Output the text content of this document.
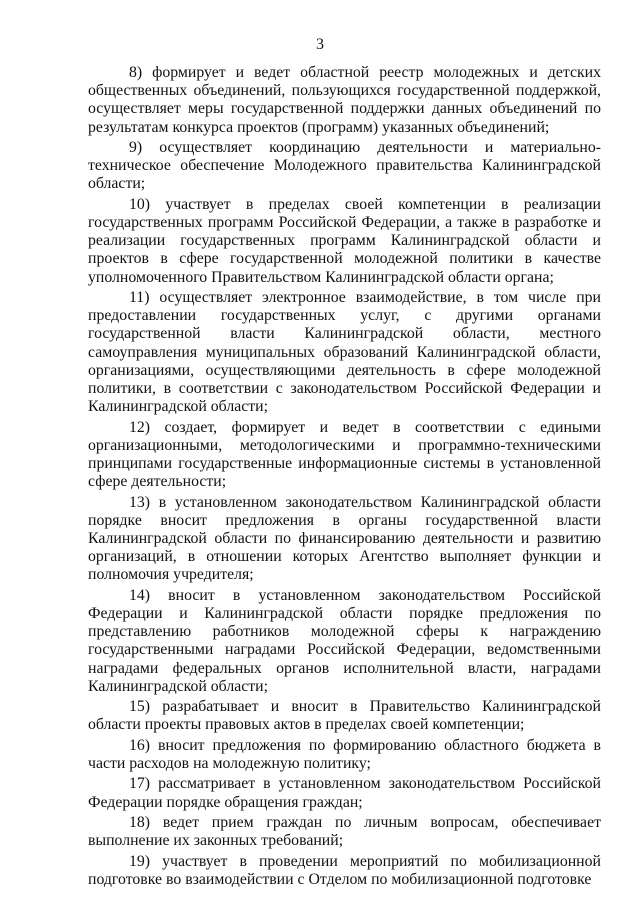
3

8) формирует и ведет областной реестр молодежных и детских общественных объединений, пользующихся государственной поддержкой, осуществляет меры государственной поддержки данных объединений по результатам конкурса проектов (программ) указанных объединений;

9) осуществляет координацию деятельности и материально-техническое обеспечение Молодежного правительства Калининградской области;

10) участвует в пределах своей компетенции в реализации государственных программ Российской Федерации, а также в разработке и реализации государственных программ Калининградской области и проектов в сфере государственной молодежной политики в качестве уполномоченного Правительством Калининградской области органа;

11) осуществляет электронное взаимодействие, в том числе при предоставлении государственных услуг, с другими органами государственной власти Калининградской области, местного самоуправления муниципальных образований Калининградской области, организациями, осуществляющими деятельность в сфере молодежной политики, в соответствии с законодательством Российской Федерации и Калининградской области;

12) создает, формирует и ведет в соответствии с едиными организационными, методологическими и программно-техническими принципами государственные информационные системы в установленной сфере деятельности;

13) в установленном законодательством Калининградской области порядке вносит предложения в органы государственной власти Калининградской области по финансированию деятельности и развитию организаций, в отношении которых Агентство выполняет функции и полномочия учредителя;

14) вносит в установленном законодательством Российской Федерации и Калининградской области порядке предложения по представлению работников молодежной сферы к награждению государственными наградами Российской Федерации, ведомственными наградами федеральных органов исполнительной власти, наградами Калининградской области;

15) разрабатывает и вносит в Правительство Калининградской области проекты правовых актов в пределах своей компетенции;

16) вносит предложения по формированию областного бюджета в части расходов на молодежную политику;

17) рассматривает в установленном законодательством Российской Федерации порядке обращения граждан;

18) ведет прием граждан по личным вопросам, обеспечивает выполнение их законных требований;

19) участвует в проведении мероприятий по мобилизационной подготовке во взаимодействии с Отделом по мобилизационной подготовке
